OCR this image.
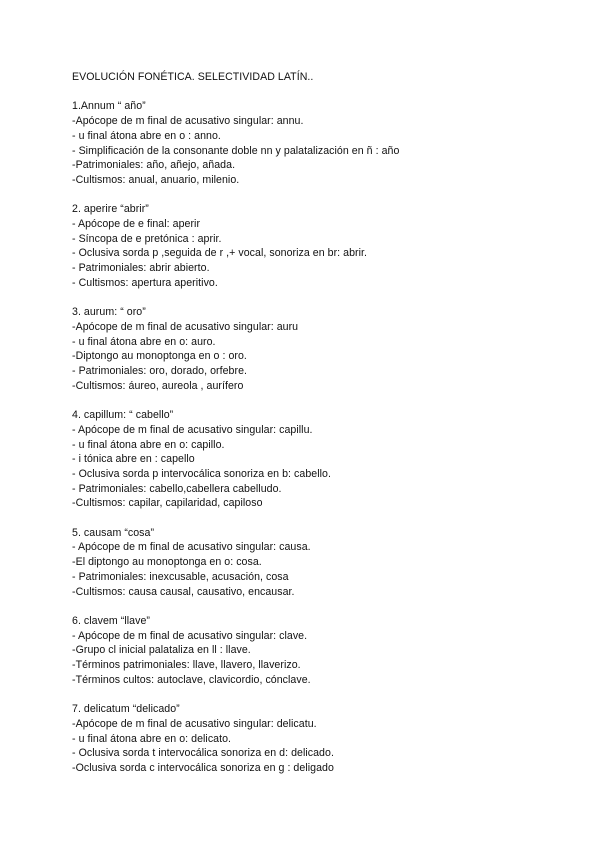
EVOLUCIÓN FONÉTICA. SELECTIVIDAD LATÍN..
1.Annum “ año”
-Apócope de m final de acusativo singular: annu.
- u final átona abre en o : anno.
- Simplificación de la consonante doble nn y palatalización en ñ : año
-Patrimoniales: año, añejo, añada.
-Cultismos: anual, anuario, milenio.
2. aperire “abrir”
- Apócope de e final: aperir
- Síncopa de e pretónica : aprir.
- Oclusiva sorda p ,seguida de r ,+ vocal, sonoriza en br: abrir.
- Patrimoniales: abrir abierto.
- Cultismos: apertura aperitivo.
3. aurum: “ oro”
-Apócope de m final de acusativo singular: auru
- u final átona abre en o: auro.
-Diptongo au monoptonga en o : oro.
- Patrimoniales: oro, dorado, orfebre.
-Cultismos: áureo, aureola , aurífero
4. capillum: “ cabello”
- Apócope de m final de acusativo singular: capillu.
- u final átona abre en o: capillo.
- i tónica abre en : capello
- Oclusiva sorda p intervocálica sonoriza en b: cabello.
- Patrimoniales: cabello,cabellera cabelludo.
-Cultismos: capilar, capilaridad, capiloso
5. causam “cosa”
- Apócope de m final de acusativo singular: causa.
-El diptongo au monoptonga en o: cosa.
- Patrimoniales: inexcusable, acusación, cosa
-Cultismos: causa causal, causativo, encausar.
6. clavem “llave”
- Apócope de m final de acusativo singular: clave.
-Grupo cl inicial palataliza en ll : llave.
-Términos patrimoniales: llave, llavero, llaverizo.
-Términos cultos: autoclave, clavicordio, cónclave.
7. delicatum “delicado”
-Apócope de m final de acusativo singular: delicatu.
- u final átona abre en o: delicato.
- Oclusiva sorda t intervocálica sonoriza en d: delicado.
-Oclusiva sorda c intervocálica sonoriza en g : deligado
